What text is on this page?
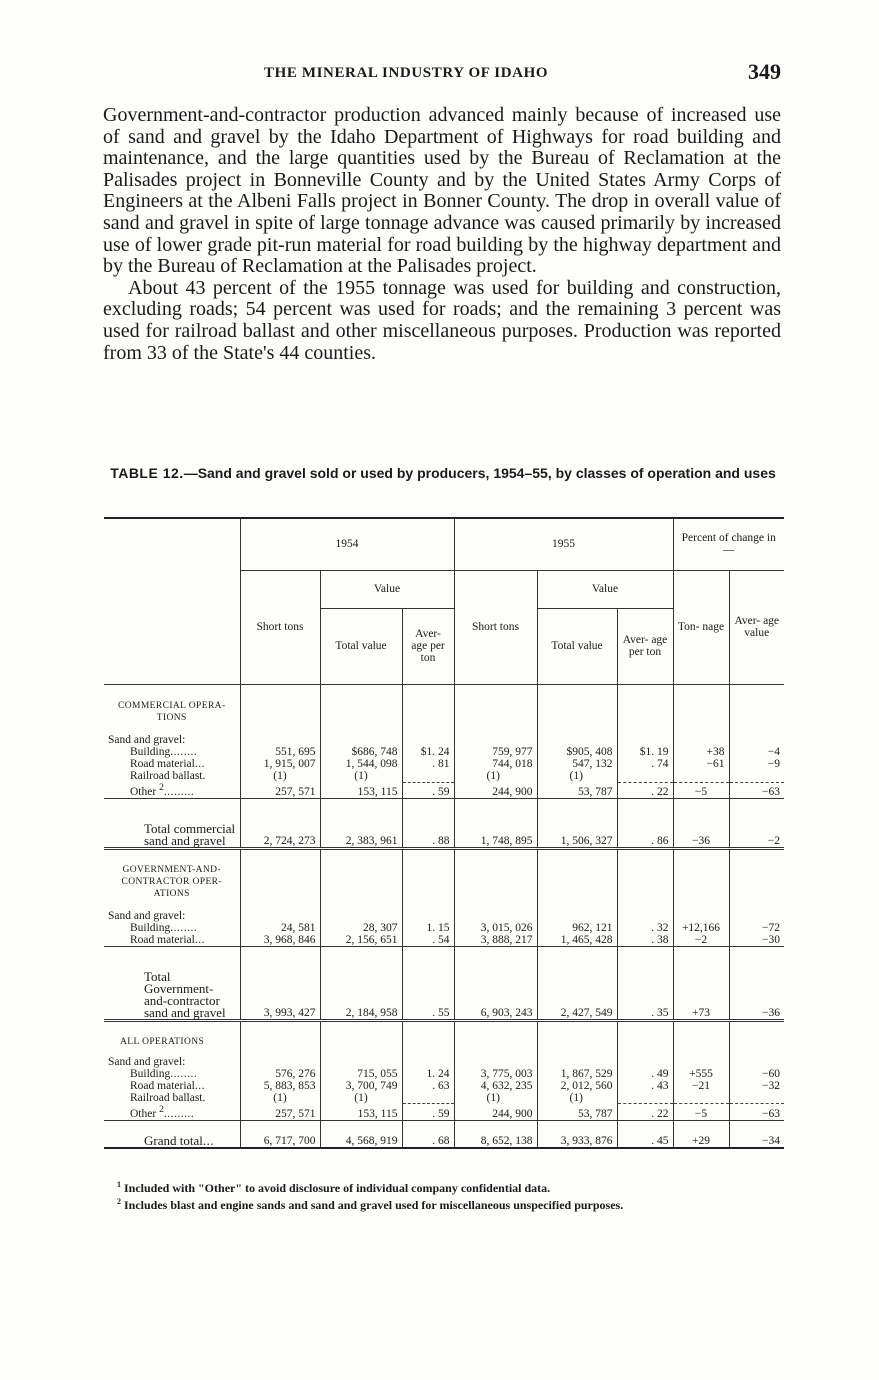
THE MINERAL INDUSTRY OF IDAHO	349

Government-and-contractor production advanced mainly because of increased use of sand and gravel by the Idaho Department of Highways for road building and maintenance, and the large quantities used by the Bureau of Reclamation at the Palisades project in Bonneville County and by the United States Army Corps of Engineers at the Albeni Falls project in Bonner County. The drop in overall value of sand and gravel in spite of large tonnage advance was caused primarily by increased use of lower grade pit-run material for road building by the highway department and by the Bureau of Reclamation at the Palisades project.

About 43 percent of the 1955 tonnage was used for building and construction, excluding roads; 54 percent was used for roads; and the remaining 3 percent was used for railroad ballast and other miscellaneous purposes. Production was reported from 33 of the State's 44 counties.

TABLE 12.—Sand and gravel sold or used by producers, 1954–55, by classes of operation and uses
	1954			1955			Percent of change in—	
	Short tons	Value		Short tons	Value		Ton- nage	Aver- age value
		Total value	Aver- age per ton		Total value	Aver- age per ton		
COMMERCIAL OPERA- TIONS								
Sand and gravel:								
Building........	551, 695	$686, 748	$1. 24	759, 977	$905, 408	$1. 19	+38	−4
Road material...	1, 915, 007	1, 544, 098	. 81	744, 018	547, 132	. 74	−61	−9
Railroad ballast.	(1)	(1)		(1)	(1)			
Other $^2$.........	257, 571	153, 115	. 59	244, 900	53, 787	. 22	−5	−63
Total commercial sand and gravel	2, 724, 273	2, 383, 961	. 88	1, 748, 895	1, 506, 327	. 86	−36	−2
GOVERNMENT-AND- CONTRACTOR OPER- ATIONS								
Sand and gravel:								
Building........	24, 581	28, 307	1. 15	3, 015, 026	962, 121	. 32	+12,166	−72
Road material...	3, 968, 846	2, 156, 651	. 54	3, 888, 217	1, 465, 428	. 38	−2	−30
Total Government-and-contractor sand and gravel	3, 993, 427	2, 184, 958	. 55	6, 903, 243	2, 427, 549	. 35	+73	−36
ALL OPERATIONS								
Sand and gravel:								
Building........	576, 276	715, 055	1. 24	3, 775, 003	1, 867, 529	. 49	+555	−60
Road material...	5, 883, 853	3, 700, 749	. 63	4, 632, 235	2, 012, 560	. 43	−21	−32
Railroad ballast.	(1)	(1)		(1)	(1)			
Other $^2$.........	257, 571	153, 115	. 59	244, 900	53, 787	. 22	−5	−63
Grand total...	6, 717, 700	4, 568, 919	. 68	8, 652, 138	3, 933, 876	. 45	+29	−34
$^1$ Included with "Other" to avoid disclosure of individual company confidential data.
$^2$ Includes blast and engine sands and sand and gravel used for miscellaneous unspecified purposes.
